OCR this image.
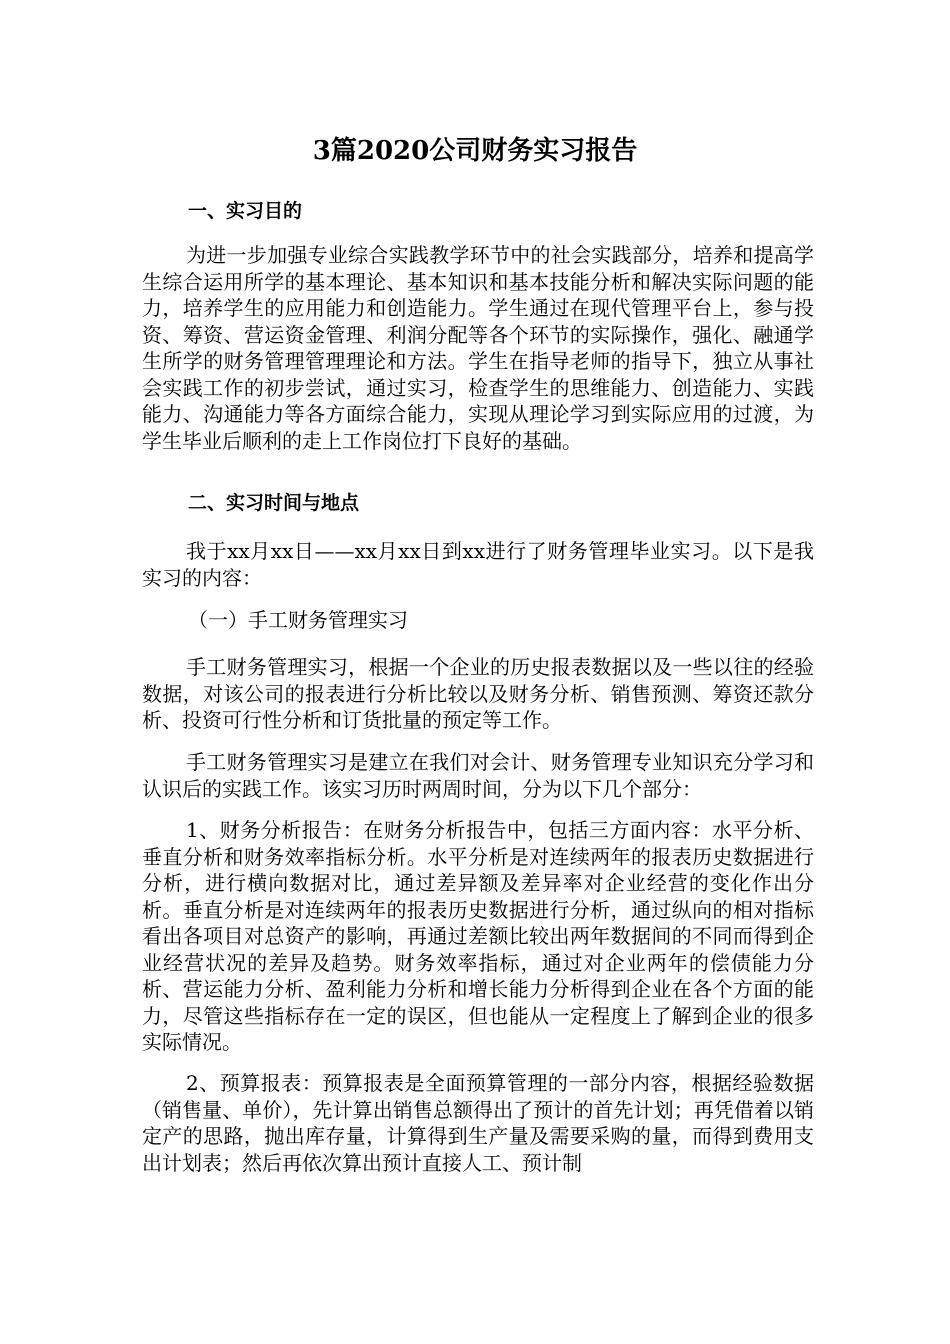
3篇2020公司财务实习报告
一、实习目的

为进一步加强专业综合实践教学环节中的社会实践部分，培养和提高学生综合运用所学的基本理论、基本知识和基本技能分析和解决实际问题的能力，培养学生的应用能力和创造能力。学生通过在现代管理平台上，参与投资、筹资、营运资金管理、利润分配等各个环节的实际操作，强化、融通学生所学的财务管理管理理论和方法。学生在指导老师的指导下，独立从事社会实践工作的初步尝试，通过实习，检查学生的思维能力、创造能力、实践能力、沟通能力等各方面综合能力，实现从理论学习到实际应用的过渡，为学生毕业后顺利的走上工作岗位打下良好的基础。

二、实习时间与地点

我于xx月xx日——xx月xx日到xx进行了财务管理毕业实习。以下是我实习的内容：

（一）手工财务管理实习

手工财务管理实习，根据一个企业的历史报表数据以及一些以往的经验数据，对该公司的报表进行分析比较以及财务分析、销售预测、筹资还款分析、投资可行性分析和订货批量的预定等工作。

手工财务管理实习是建立在我们对会计、财务管理专业知识充分学习和认识后的实践工作。该实习历时两周时间，分为以下几个部分：

1、财务分析报告：在财务分析报告中，包括三方面内容：水平分析、垂直分析和财务效率指标分析。水平分析是对连续两年的报表历史数据进行分析，进行横向数据对比，通过差异额及差异率对企业经营的变化作出分析。垂直分析是对连续两年的报表历史数据进行分析，通过纵向的相对指标看出各项目对总资产的影响，再通过差额比较出两年数据间的不同而得到企业经营状况的差异及趋势。财务效率指标，通过对企业两年的偿债能力分析、营运能力分析、盈利能力分析和增长能力分析得到企业在各个方面的能力，尽管这些指标存在一定的误区，但也能从一定程度上了解到企业的很多实际情况。

2、预算报表：预算报表是全面预算管理的一部分内容，根据经验数据（销售量、单价），先计算出销售总额得出了预计的首先计划；再凭借着以销定产的思路，抛出库存量，计算得到生产量及需要采购的量，而得到费用支出计划表；然后再依次算出预计直接人工、预计制
